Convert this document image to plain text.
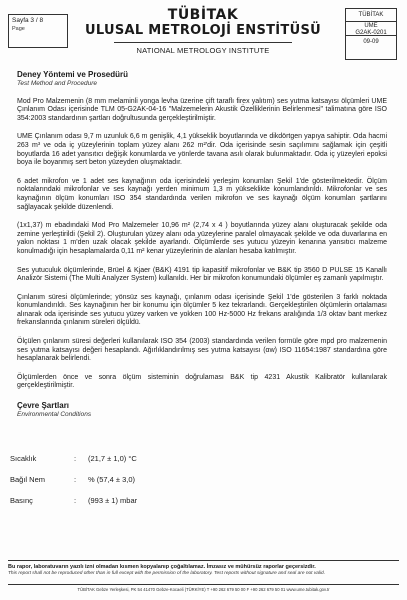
Sayfa 3 / 8
Page
TÜBİTAK
ULUSAL METROLOJİ ENSTİTÜSÜ
NATIONAL METROLOGY INSTITUTE
TÜBİTAK
UME
G2AK-0201
09-09

Deney Yöntemi ve Prosedürü

Test Method and Procedure

Mod Pro Malzemenin (8 mm melaminli yonga levha üzerine çift taraflı firex yalıtım) ses yutma katsayısı ölçümleri UME Çınlanım Odası içerisinde TLM 05-G2AK-04-16 "Malzemelerin Akustik Özelliklerinin Belirlenmesi" talimatına göre ISO 354:2003 standardının şartları doğrultusunda gerçekleştirilmiştir.

UME Çınlanım odası 9,7 m uzunluk 6,6 m genişlik, 4,1 yükseklik boyutlarında ve dikdörtgen yapıya sahiptir. Oda hacmi 263 m³ ve oda iç yüzeylerinin toplam yüzey alanı 262 m²'dir. Oda içerisinde sesin saçılımını sağlamak için çeşitli boyutlarda 16 adet yansıtıcı değişik konumlarda ve yönlerde tavana asılı olarak bulunmaktadır. Oda iç yüzeyleri epoksi boya ile boyanmış sert beton yüzeyden oluşmaktadır.

6 adet mikrofon ve 1 adet ses kaynağının oda içerisindeki yerleşim konumları Şekil 1'de gösterilmektedir. Ölçüm noktalarındaki mikrofonlar ve ses kaynağı yerden minimum 1,3 m yükseklikte konumlandırıldı. Mikrofonlar ve ses kaynağının ölçüm konumları ISO 354 standardında verilen mikrofon ve ses kaynağı ölçüm konumları şartlarını sağlayacak şekilde düzenlendi.

(1x1,37) m ebadındaki Mod Pro Malzemeler 10,96 m² (2,74 x 4 ) boyutlarında yüzey alanı oluşturacak şekilde oda zemine yerleştirildi (Şekil 2). Oluşturulan yüzey alanı oda yüzeylerine paralel olmayacak şekilde ve oda duvarlarına en yakın noktası 1 m'den uzak olacak şekilde ayarlandı. Ölçümlerde ses yutucu yüzeyin kenarına yansıtıcı malzeme konulmadığı için hesaplamalarda 0,11 m² kenar yüzeylerinin de alanları hesaba katılmıştır.

Ses yutuculuk ölçümlerinde, Brüel & Kjaer (B&K) 4191 tip kapasitif mikrofonlar ve B&K tip 3560 D PULSE 15 Kanallı Analizör Sistemi (The Multi Analyzer System) kullanıldı. Her bir mikrofon konumundaki ölçümler eş zamanlı yapılmıştır.

Çınlanım süresi ölçümlerinde; yönsüz ses kaynağı, çınlanım odası içerisinde Şekil 1'de gösterilen 3 farklı noktada konumlandırıldı. Ses kaynağının her bir konumu için ölçümler 5 kez tekrarlandı. Gerçekleştirilen ölçümlerin ortalaması alınarak oda içerisinde ses yutucu yüzey varken ve yokken 100 Hz-5000 Hz frekans aralığında 1/3 oktav bant merkez frekanslarında çınlanım süreleri ölçüldü.

Ölçülen çınlanım süresi değerleri kullanılarak ISO 354 (2003) standardında verilen formüle göre mpd pro malzemenin ses yutma katsayısı değeri hesaplandı. Ağırlıklandırılmış ses yutma katsayısı (αw) ISO 11654:1987 standardına göre hesaplanarak belirlendi.

Ölçümlerden önce ve sonra ölçüm sisteminin doğrulaması B&K tip 4231 Akustik Kalibratör kullanılarak gerçekleştirilmiştir.

Çevre Şartları

Environmental Conditions
Sıcaklık	:	(21,7 ± 1,0) °C
Bağıl Nem	:	% (57,4 ± 3,0)
Basınç	:	(993 ± 1) mbar
Bu rapor, laboratuvarın yazılı izni olmadan kısmen kopyalanıp çoğaltılamaz. İmzasız ve mühürsüz raporlar geçersizdir.
This report shall not be reproduced other than in full except with the permission of the laboratory. Test reports without signature and seal are not valid.
TÜBİTAK Gebze Yerleşkesi, PK 54 41470 Gebze-Kocaeli (TÜRKİYE) T +90 262 679 50 00 F +90 262 679 50 01 www.ume.tubitak.gov.tr
